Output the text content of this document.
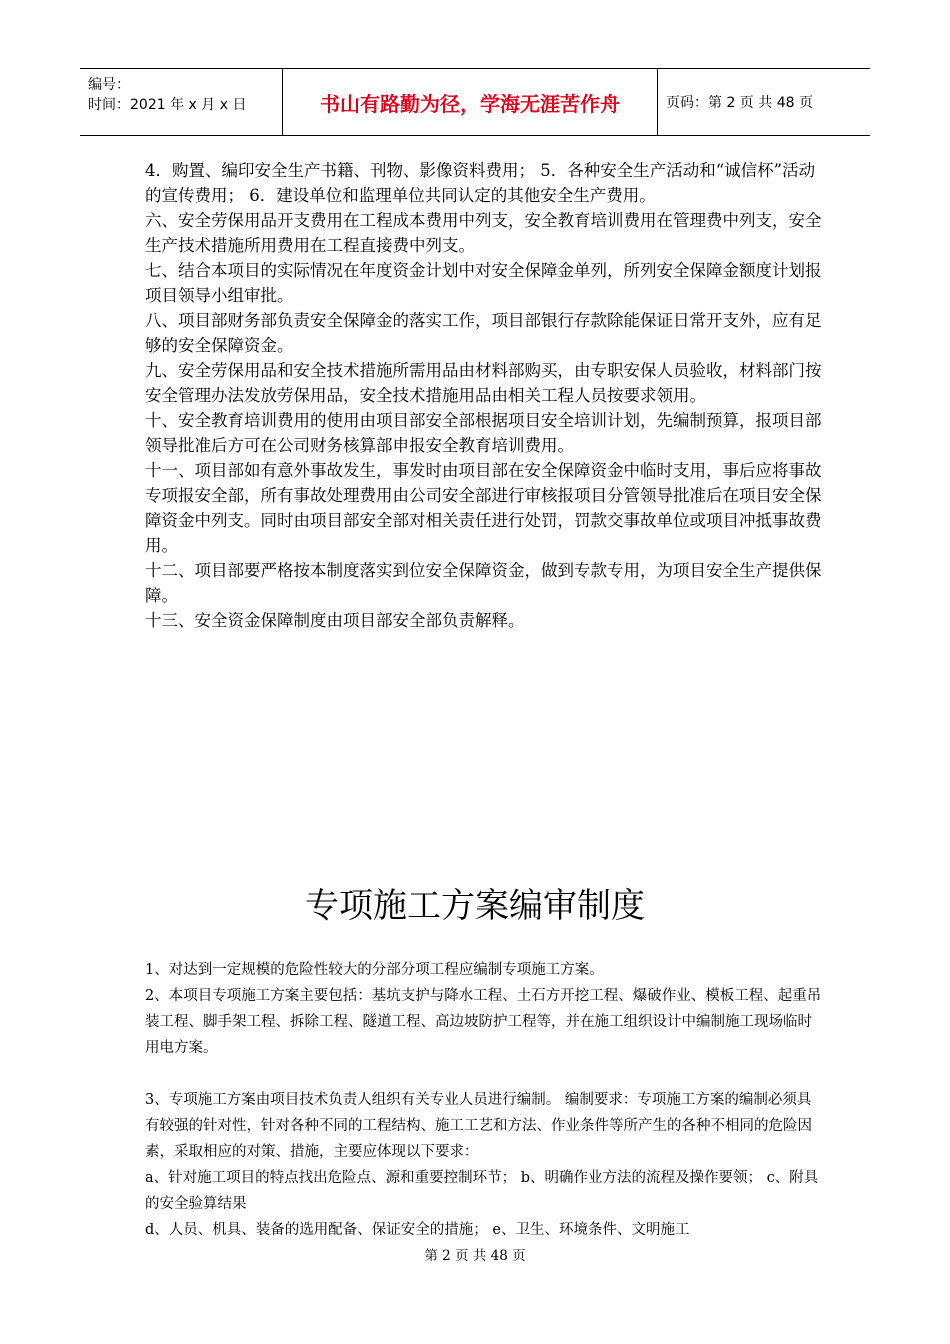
编号：
时间：2021 年 x 月 x 日	书山有路勤为径，学海无涯苦作舟	页码：第 2 页 共 48 页

4．购置、编印安全生产书籍、刊物、影像资料费用； 5．各种安全生产活动和“诚信杯”活动的宣传费用； 6．建设单位和监理单位共同认定的其他安全生产费用。

六、安全劳保用品开支费用在工程成本费用中列支，安全教育培训费用在管理费中列支，安全生产技术措施所用费用在工程直接费中列支。

七、结合本项目的实际情况在年度资金计划中对安全保障金单列，所列安全保障金额度计划报项目领导小组审批。

八、项目部财务部负责安全保障金的落实工作，项目部银行存款除能保证日常开支外，应有足够的安全保障资金。

九、安全劳保用品和安全技术措施所需用品由材料部购买，由专职安保人员验收，材料部门按安全管理办法发放劳保用品，安全技术措施用品由相关工程人员按要求领用。

十、安全教育培训费用的使用由项目部安全部根据项目安全培训计划，先编制预算，报项目部领导批准后方可在公司财务核算部申报安全教育培训费用。

十一、项目部如有意外事故发生，事发时由项目部在安全保障资金中临时支用，事后应将事故专项报安全部，所有事故处理费用由公司安全部进行审核报项目分管领导批准后在项目安全保障资金中列支。同时由项目部安全部对相关责任进行处罚，罚款交事故单位或项目冲抵事故费用。

十二、项目部要严格按本制度落实到位安全保障资金，做到专款专用，为项目安全生产提供保障。

十三、安全资金保障制度由项目部安全部负责解释。

专项施工方案编审制度

1、对达到一定规模的危险性较大的分部分项工程应编制专项施工方案。

2、本项目专项施工方案主要包括：基坑支护与降水工程、土石方开挖工程、爆破作业、模板工程、起重吊装工程、脚手架工程、拆除工程、隧道工程、高边坡防护工程等，并在施工组织设计中编制施工现场临时用电方案。

3、专项施工方案由项目技术负责人组织有关专业人员进行编制。 编制要求：专项施工方案的编制必须具有较强的针对性，针对各种不同的工程结构、施工工艺和方法、作业条件等所产生的各种不相同的危险因素，采取相应的对策、措施，主要应体现以下要求：

a、针对施工项目的特点找出危险点、源和重要控制环节； b、明确作业方法的流程及操作要领； c、附具的安全验算结果

d、人员、机具、装备的选用配备、保证安全的措施； e、卫生、环境条件、文明施工

第 2 页 共 48 页
